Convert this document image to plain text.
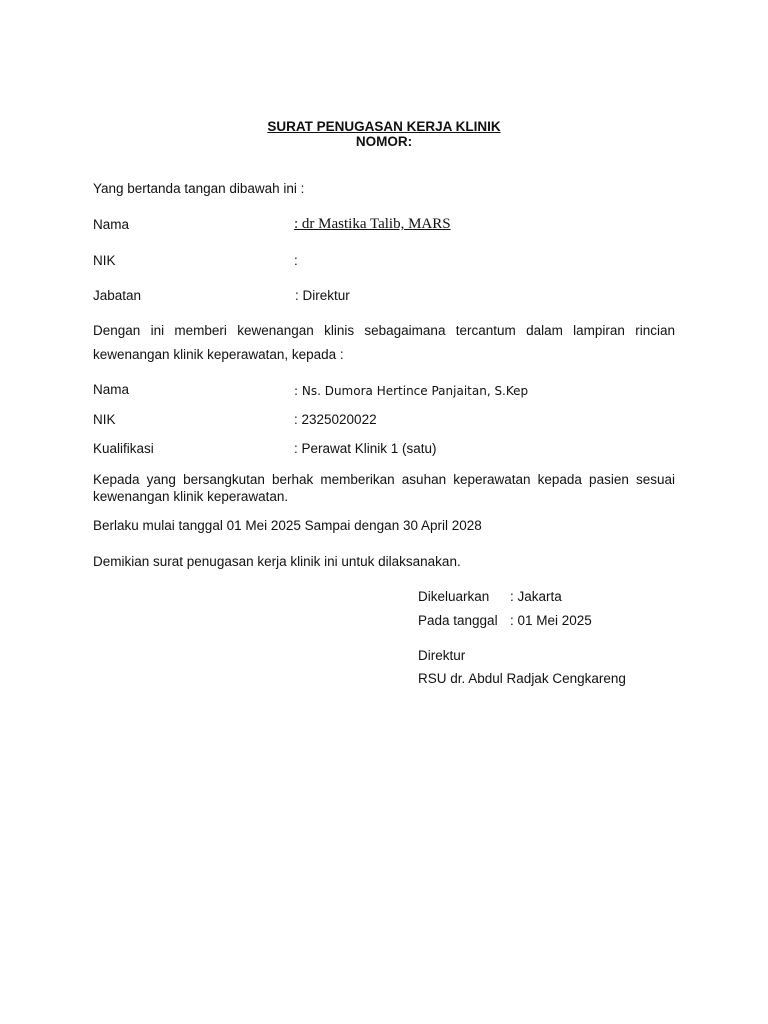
SURAT PENUGASAN KERJA KLINIK
NOMOR:
Yang bertanda tangan dibawah ini :
Nama	: dr Mastika Talib, MARS
NIK	:
Jabatan	: Direktur
Dengan ini memberi kewenangan klinis sebagaimana tercantum dalam lampiran rincian
kewenangan klinik keperawatan, kepada :
Nama	: Ns. Dumora Hertince Panjaitan, S.Kep
NIK	: 2325020022
Kualifikasi	: Perawat Klinik 1 (satu)
Kepada yang bersangkutan berhak memberikan asuhan keperawatan kepada pasien sesuai
kewenangan klinik keperawatan.
Berlaku mulai tanggal 01 Mei 2025 Sampai dengan 30 April 2028
Demikian surat penugasan kerja klinik ini untuk dilaksanakan.
Dikeluarkan : Jakarta
Pada tanggal : 01 Mei 2025
Direktur
RSU dr. Abdul Radjak Cengkareng
